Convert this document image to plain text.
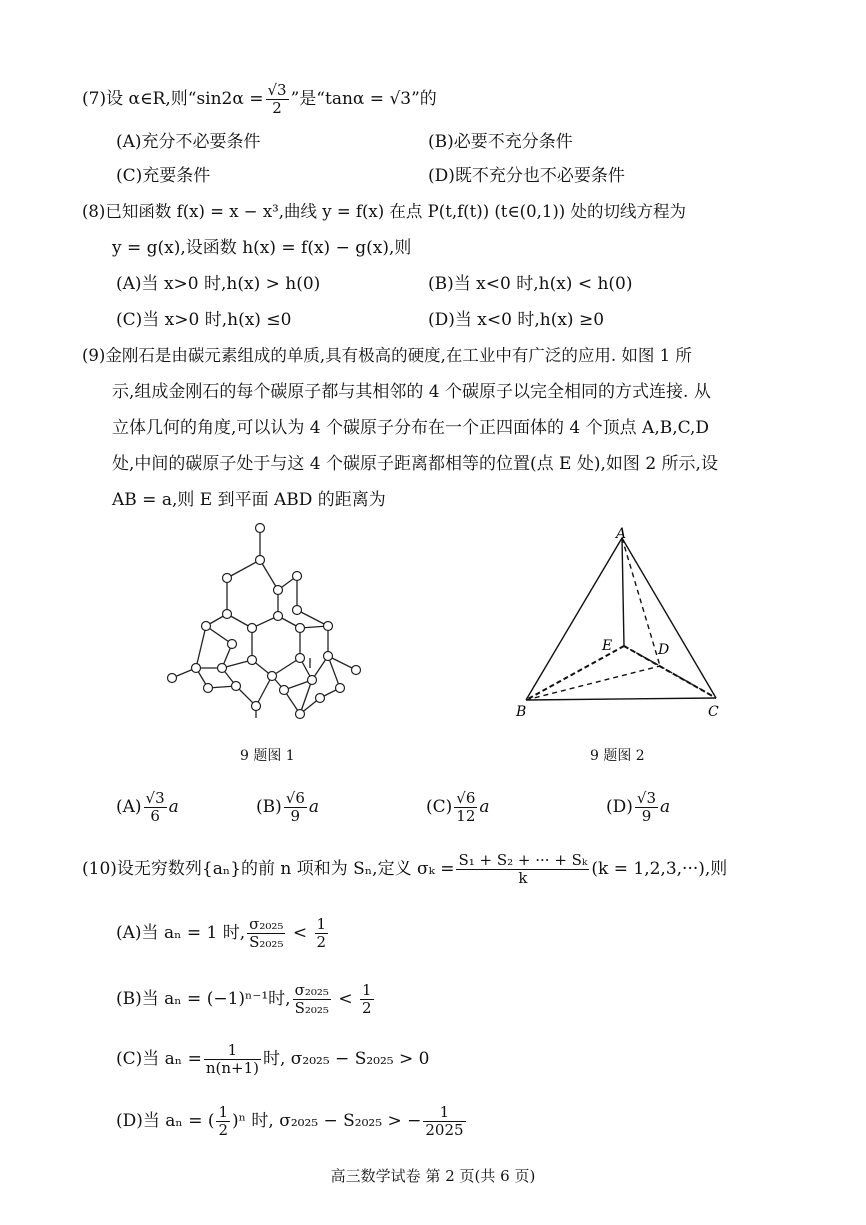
(7)设 α∈R,则“$\sin 2\alpha = \frac{√3}{2}$ ”是“tanα = √3”的
(A)充分不必要条件	(B)必要不充分条件
(C)充要条件	(D)既不充分也不必要条件
(8)已知函数 f(x) = x − x³,曲线 y = f(x) 在点 P(t,f(t)) (t∈(0,1)) 处的切线方程为
y = g(x),设函数 h(x) = f(x) − g(x),则
(A)当 x>0 时,h(x) > h(0)	(B)当 x<0 时,h(x) < h(0)
(C)当 x>0 时,h(x) ≤0	(D)当 x<0 时,h(x) ≥0
(9)金刚石是由碳元素组成的单质,具有极高的硬度,在工业中有广泛的应用. 如图 1 所
示,组成金刚石的每个碳原子都与其相邻的 4 个碳原子以完全相同的方式连接. 从
立体几何的角度,可以认为 4 个碳原子分布在一个正四面体的 4 个顶点 A,B,C,D
处,中间的碳原子处于与这 4 个碳原子距离都相等的位置(点 E 处),如图 2 所示,设
AB = a,则 E 到平面 ABD 的距离为
A
B	C
D
E
9 题图 1	9 题图 2
$(A) \frac{√3}{6}$ a	$(B) \frac{√6}{9}$ a	$(C) \frac{√6}{12}$ a	$(D) \frac{√3}{9}$ a
(10)设无穷数列{aₙ}的前 n 项和为 Sₙ,定义 $\sigma_k = \frac{\text{S₁ + S₂ + ··· + Sₖ}}{k} (k = 1,2,3,\cdot\cdot\cdot)$,则
(A)当 aₙ = 1 时, $\frac{\text{σ₂₀₂₅}}{\text{S₂₀₂₅}} < \frac{1}{2}$
(B)当 aₙ = (−1)ⁿ⁻¹时, $\frac{\text{σ₂₀₂₅}}{\text{S₂₀₂₅}} < \frac{1}{2}$
(C)当 $a_n = \frac{1}{n(n+1)}$ 时, σ₂₀₂₅ − S₂₀₂₅ > 0
(D)当 aₙ = ( $\frac{1}{2} )^n$ 时, σ₂₀₂₅ − S₂₀₂₅ > − $\frac{1}{2025}$
高三数学试卷 第 2 页(共 6 页)
